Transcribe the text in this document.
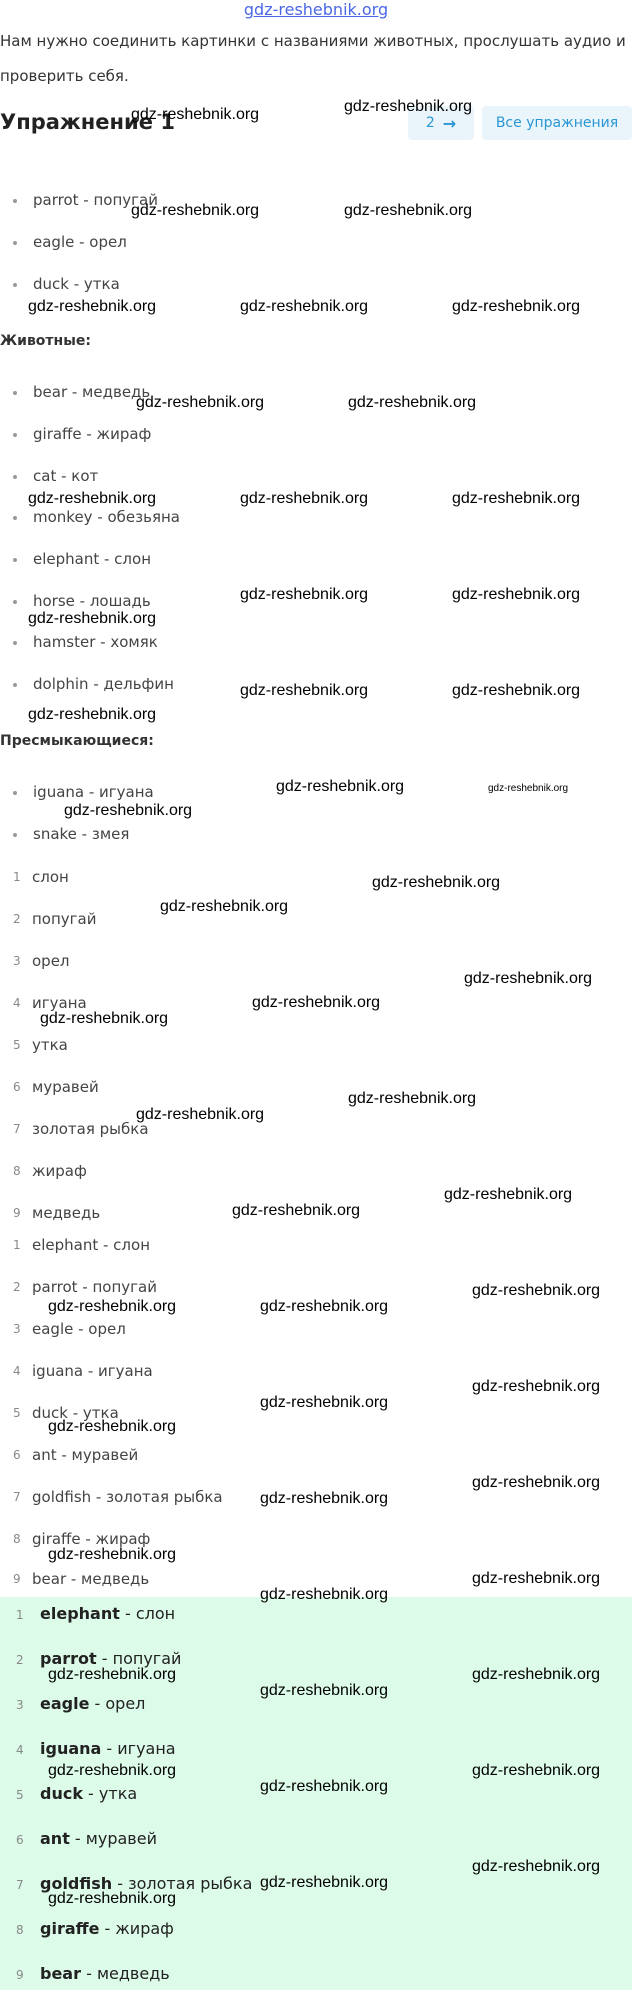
gdz-reshebnik.org
Нам нужно соединить картинки с названиями животных, прослушать аудио и проверить себя.
Упражнение 1	2 →	Все упражнения
parrot - попугай
eagle - орел
duck - утка
Животные:
bear - медведь
giraffe - жираф
cat - кот
monkey - обезьяна
elephant - слон
horse - лошадь
hamster - хомяк
dolphin - дельфин
Пресмыкающиеся:
iguana - игуана
snake - змея
1 слон
2 попугай
3 орел
4 игуана
5 утка
6 муравей
7 золотая рыбка
8 жираф
9 медведь
1 elephant - слон
2 parrot - попугай
3 eagle - орел
4 iguana - игуана
5 duck - утка
6 ant - муравей
7 goldfish - золотая рыбка
8 giraffe - жираф
9 bear - медведь
1 elephant - слон
2 parrot - попугай
3 eagle - орел
4 iguana - игуана
5 duck - утка
6 ant - муравей
7 goldfish - золотая рыбка
8 giraffe - жираф
9 bear - медведь
gdz-reshebnik.org	gdz-reshebnik.org
gdz-reshebnik.org	gdz-reshebnik.org
gdz-reshebnik.org	gdz-reshebnik.org	gdz-reshebnik.org
gdz-reshebnik.org	gdz-reshebnik.org
gdz-reshebnik.org	gdz-reshebnik.org	gdz-reshebnik.org
gdz-reshebnik.org	gdz-reshebnik.org
gdz-reshebnik.org
gdz-reshebnik.org	gdz-reshebnik.org
gdz-reshebnik.org
gdz-reshebnik.org	gdz-reshebnik.org
gdz-reshebnik.org
gdz-reshebnik.org
gdz-reshebnik.org
gdz-reshebnik.org
gdz-reshebnik.org
gdz-reshebnik.org
gdz-reshebnik.org
gdz-reshebnik.org
gdz-reshebnik.org
gdz-reshebnik.org
gdz-reshebnik.org
gdz-reshebnik.org	gdz-reshebnik.org
gdz-reshebnik.org
gdz-reshebnik.org
gdz-reshebnik.org
gdz-reshebnik.org
gdz-reshebnik.org
gdz-reshebnik.org
gdz-reshebnik.org
gdz-reshebnik.org
gdz-reshebnik.org
gdz-reshebnik.org
gdz-reshebnik.org
gdz-reshebnik.org
gdz-reshebnik.org
gdz-reshebnik.org
gdz-reshebnik.org
gdz-reshebnik.org
gdz-reshebnik.org
